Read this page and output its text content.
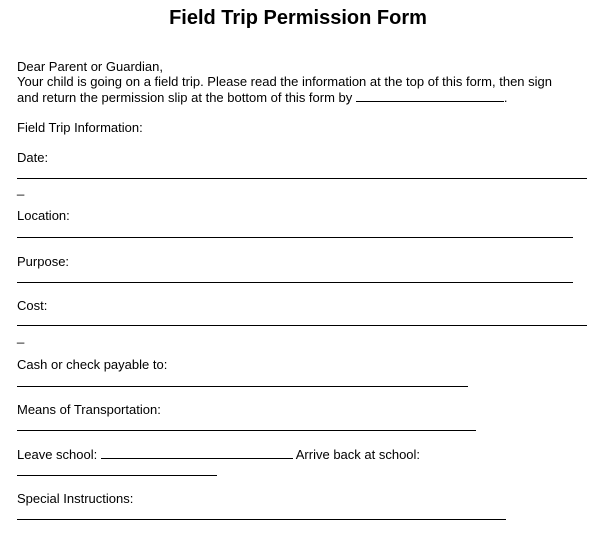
Field Trip Permission Form
Dear Parent or Guardian,
Your child is going on a field trip. Please read the information at the top of this form, then sign
and return the permission slip at the bottom of this form by	.
Field Trip Information:
Date:
_
Location:
Purpose:
Cost:
_
Cash or check payable to:
Means of Transportation:
Leave school:	Arrive back at school:
Special Instructions:
